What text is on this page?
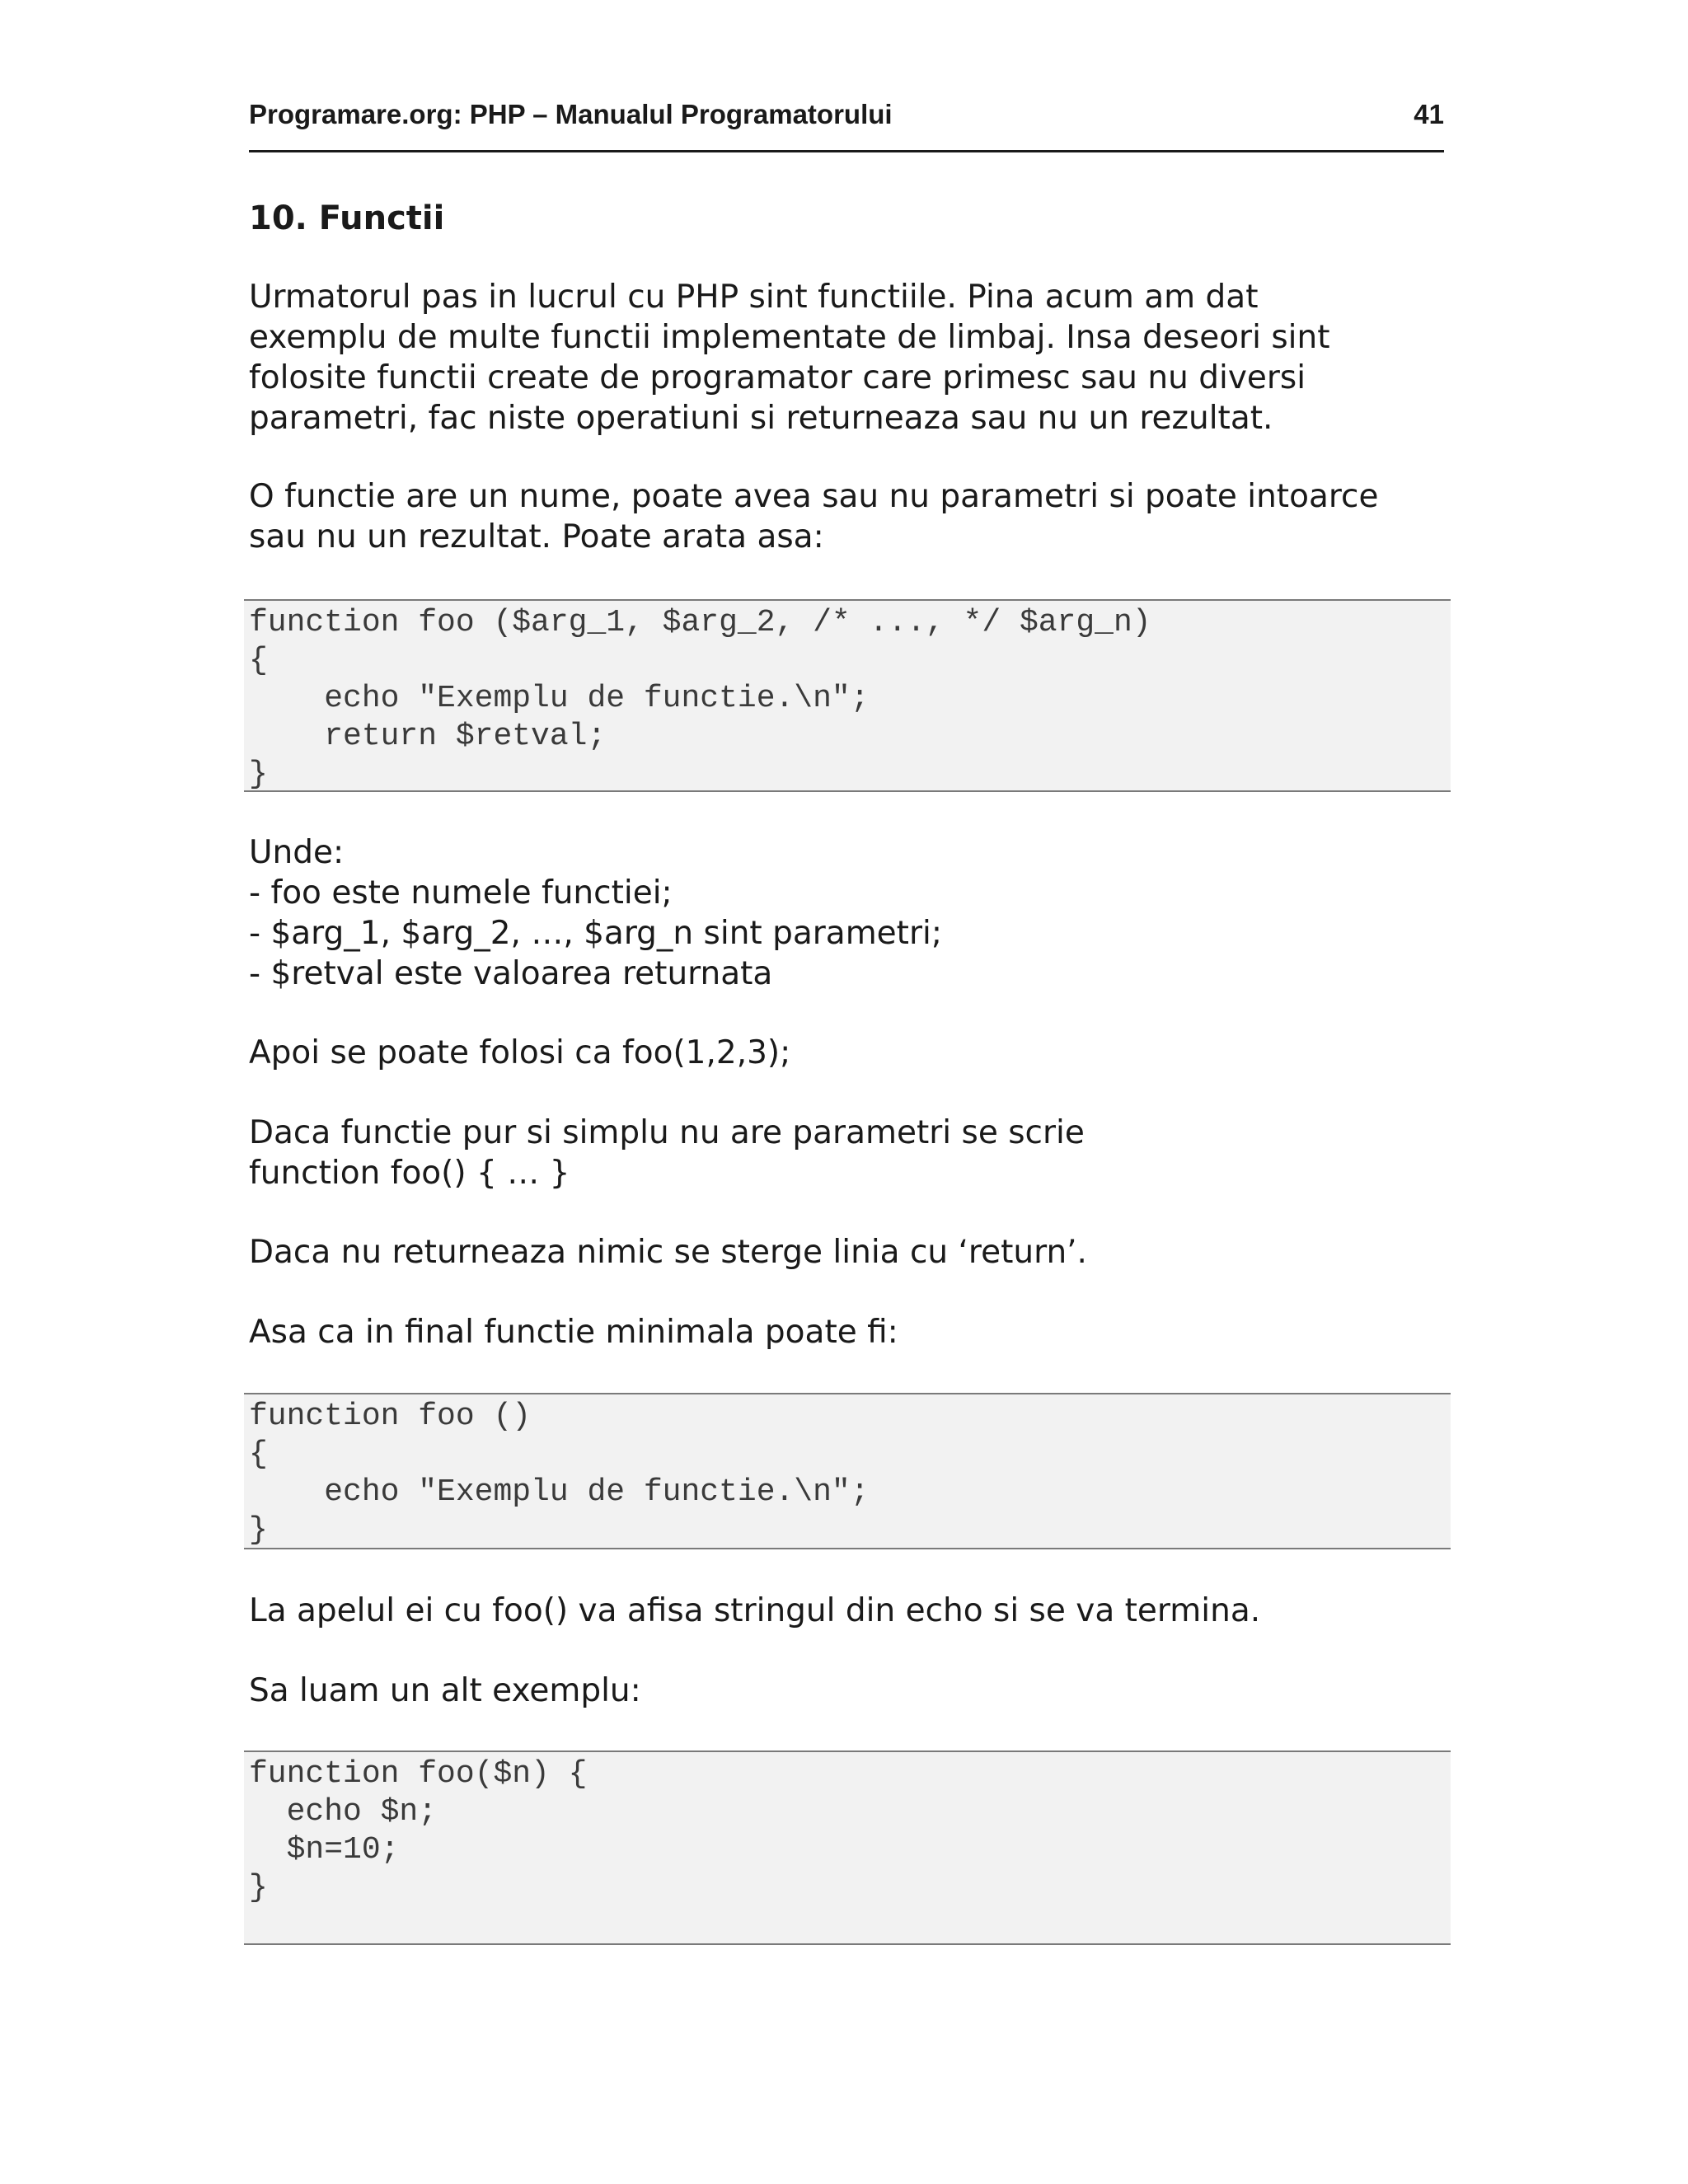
Programare.org: PHP – Manualul Programatorului	41
10. Functii

Urmatorul pas in lucrul cu PHP sint functiile. Pina acum am dat
exemplu de multe functii implementate de limbaj. Insa deseori sint
folosite functii create de programator care primesc sau nu diversi
parametri, fac niste operatiuni si returneaza sau nu un rezultat.

O functie are un nume, poate avea sau nu parametri si poate intoarce
sau nu un rezultat. Poate arata asa:

function foo ($arg_1, $arg_2, /* ..., */ $arg_n)
{
echo "Exemplu de functie.\n";
return $retval;
}

Unde:
- foo este numele functiei;
- $arg_1, $arg_2, …, $arg_n sint parametri;
- $retval este valoarea returnata

Apoi se poate folosi ca foo(1,2,3);

Daca functie pur si simplu nu are parametri se scrie
function foo() { … }

Daca nu returneaza nimic se sterge linia cu ‘return’.

Asa ca in final functie minimala poate fi:

function foo ()
{
echo "Exemplu de functie.\n";
}

La apelul ei cu foo() va afisa stringul din echo si se va termina.

Sa luam un alt exemplu:

function foo($n) {
echo $n;
$n=10;
}
